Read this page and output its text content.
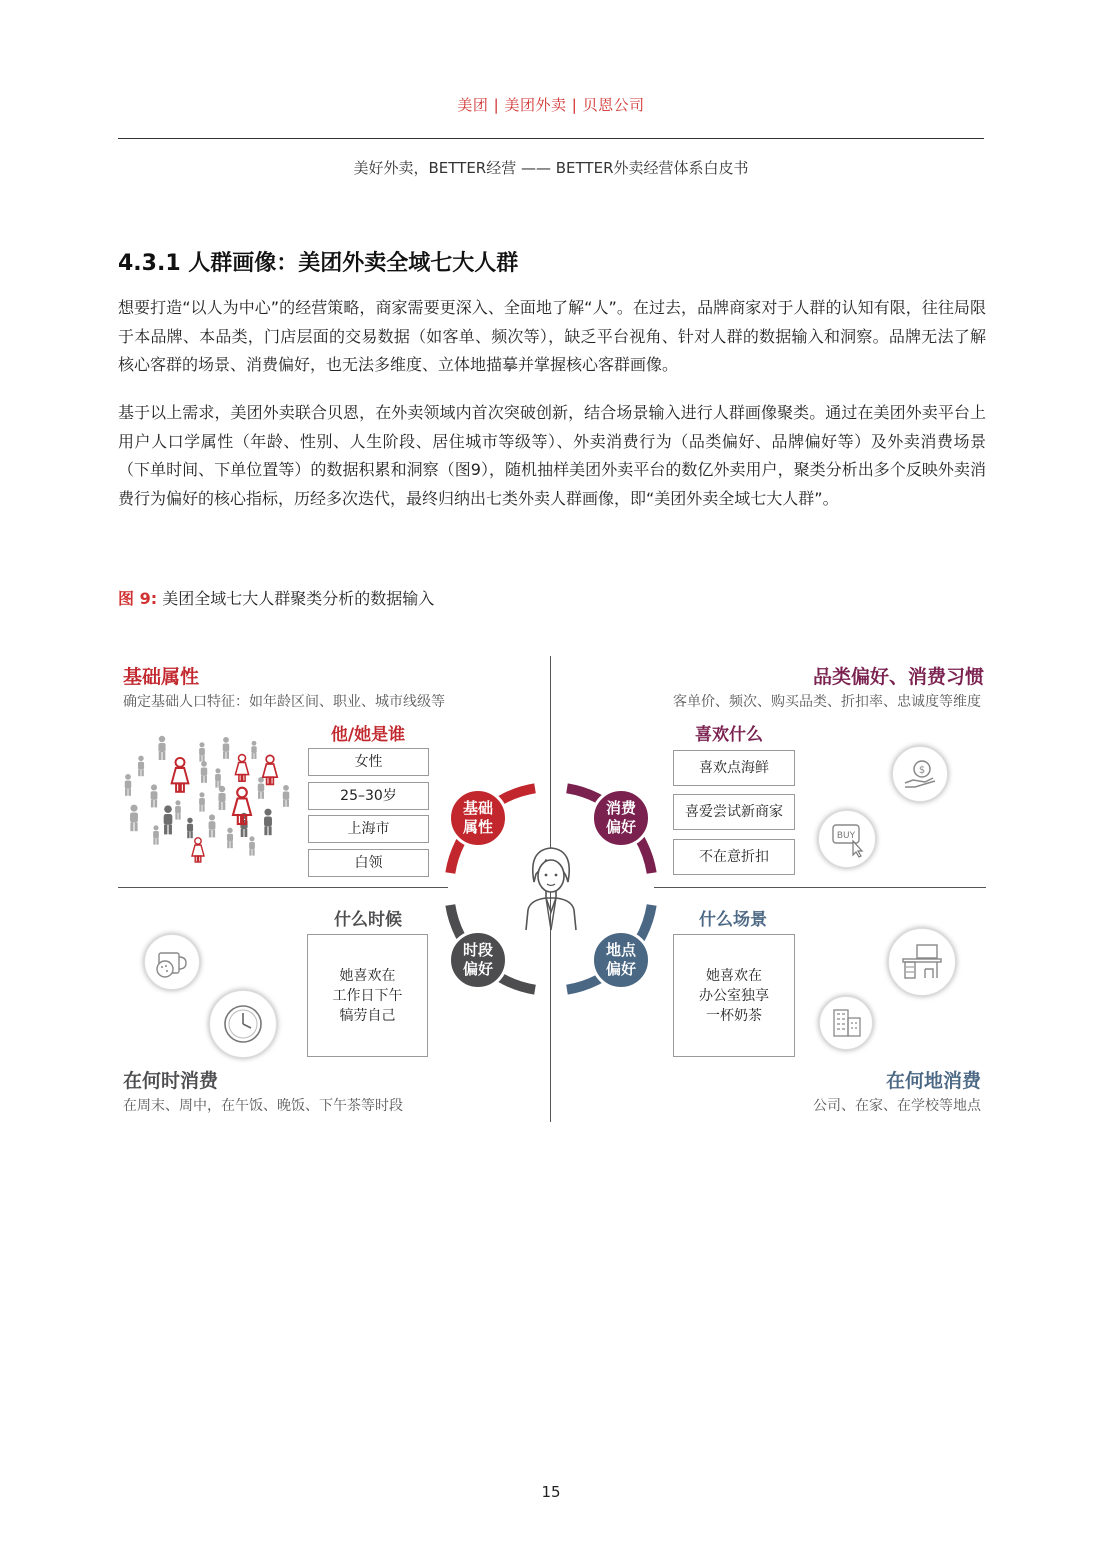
美团 | 美团外卖 | 贝恩公司
美好外卖，BETTER经营 —— BETTER外卖经营体系白皮书
4.3.1 人群画像：美团外卖全域七大人群
想要打造“以人为中心”的经营策略，商家需要更深入、全面地了解“人”。在过去，品牌商家对于人群的认知有限，往往局限于本品牌、本品类，门店层面的交易数据（如客单、频次等），缺乏平台视角、针对人群的数据输入和洞察。品牌无法了解核心客群的场景、消费偏好，也无法多维度、立体地描摹并掌握核心客群画像。
基于以上需求，美团外卖联合贝恩，在外卖领域内首次突破创新，结合场景输入进行人群画像聚类。通过在美团外卖平台上用户人口学属性（年龄、性别、人生阶段、居住城市等级等）、外卖消费行为（品类偏好、品牌偏好等）及外卖消费场景（下单时间、下单位置等）的数据积累和洞察（图9），随机抽样美团外卖平台的数亿外卖用户，聚类分析出多个反映外卖消费行为偏好的核心指标，历经多次迭代，最终归纳出七类外卖人群画像，即“美团外卖全域七大人群”。
图 9: 美团全域七大人群聚类分析的数据输入
基础属性
确定基础人口特征：如年龄区间、职业、城市线级等
他/她是谁
女性
25–30岁
上海市
白领
品类偏好、消费习惯
客单价、频次、购买品类、折扣率、忠诚度等维度
喜欢什么
喜欢点海鲜
喜爱尝试新商家
不在意折扣
$
BUY
什么时候
她喜欢在
工作日下午
犒劳自己
在何时消费
在周末、周中，在午饭、晚饭、下午茶等时段
什么场景
她喜欢在
办公室独享
一杯奶茶
在何地消费
公司、在家、在学校等地点
基础
属性
消费
偏好
时段
偏好
地点
偏好
15
